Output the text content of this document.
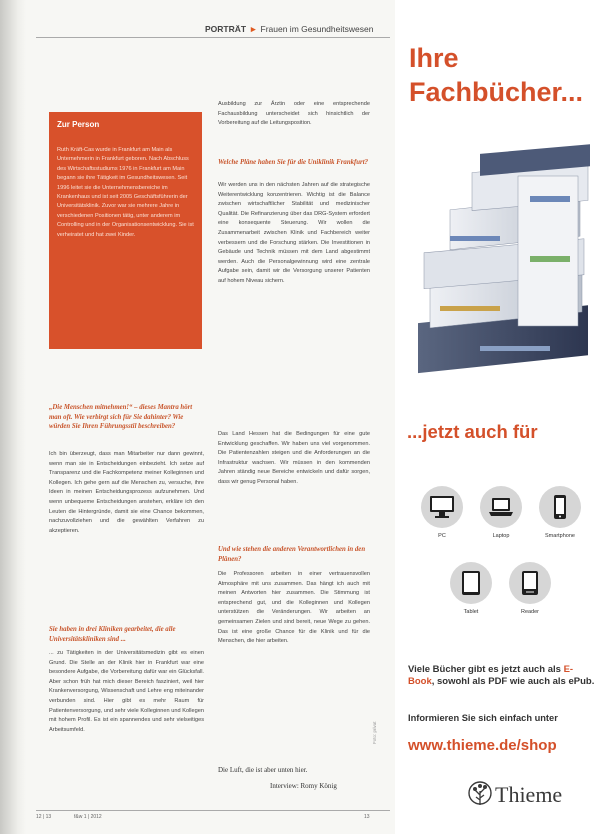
PORTRÄT ► Frauen im Gesundheitswesen
Zur Person
Ruth Kräft-Cas wurde in Frankfurt am Main als Unternehmerin in Frankfurt geboren. Nach Abschluss des Wirtschaftsstudiums 1976 in Frankfurt am Main begann sie ihre Tätigkeit im Gesundheitswesen. Seit 1996 leitet sie die Unternehmensbereiche im Krankenhaus und ist seit 2005 Geschäftsführerin der Universitätsklinik. Zuvor war sie mehrere Jahre in verschiedenen Positionen tätig, unter anderem im Controlling und in der Organisationsentwicklung. Sie ist verheiratet und hat zwei Kinder.
„Die Menschen mitnehmen!“ – dieses Mantra hört man oft. Wie verbirgt sich für Sie dahinter? Wie würden Sie Ihren Führungsstil beschreiben?
Ich bin überzeugt, dass man Mitarbeiter nur dann gewinnt, wenn man sie in Entscheidungen einbezieht. Ich setze auf Transparenz und die Fachkompetenz meiner Kolleginnen und Kollegen. Ich gehe gern auf die Menschen zu, versuche, ihre Ideen in meinen Entscheidungsprozess aufzunehmen. Und wenn unbequeme Entscheidungen anstehen, erkläre ich den Leuten die Hintergründe, damit sie eine Chance bekommen, nachzuvollziehen und die gewählten Verfahren zu akzeptieren.
Sie haben in drei Kliniken gearbeitet, die alle Universitätskliniken sind ...
... zu Tätigkeiten in der Universitätsmedizin gibt es einen Grund. Die Stelle an der Klinik hier in Frankfurt war eine besondere Aufgabe, die Vorbereitung dafür war ein Glücksfall. Aber schon früh hat mich dieser Bereich fasziniert, weil hier Krankenversorgung, Wissenschaft und Lehre eng miteinander verbunden sind. Hier gibt es mehr Raum für Patientenversorgung, und sehr viele Kolleginnen und Kollegen mit hohem Profil. Es ist ein spannendes und sehr vielseitiges Arbeitsumfeld.
Ausbildung zur Ärztin oder eine entsprechende Fachausbildung unterscheidet sich hinsichtlich der Vorbereitung auf die Leitungsposition.
Welche Pläne haben Sie für die Uniklinik Frankfurt?
Wir werden uns in den nächsten Jahren auf die strategische Weiterentwicklung konzentrieren. Wichtig ist die Balance zwischen wirtschaftlicher Stabilität und medizinischer Qualität. Die Refinanzierung über das DRG-System erfordert eine konsequente Steuerung. Wir wollen die Zusammenarbeit zwischen Klinik und Fachbereich weiter verbessern und die Forschung stärken. Die Investitionen in Gebäude und Technik müssen mit dem Land abgestimmt werden. Auch die Personalgewinnung wird eine zentrale Aufgabe sein, damit wir die Versorgung unserer Patienten auf hohem Niveau sichern.
Das Land Hessen hat die Bedingungen für eine gute Entwicklung geschaffen. Wir haben uns viel vorgenommen. Die Patientenzahlen steigen und die Anforderungen an die Infrastruktur wachsen. Wir müssen in den kommenden Jahren ständig neue Bereiche entwickeln und dafür sorgen, dass wir genug Personal haben.
Und wie stehen die anderen Verantwortlichen in den Plänen?
Die Professoren arbeiten in einer vertrauensvollen Atmosphäre mit uns zusammen. Das hängt ich auch mit meinen Antworten hier zusammen. Die Stimmung ist entsprechend gut, und die Kolleginnen und Kollegen unterstützen die Veränderungen. Wir arbeiten an gemeinsamen Zielen und sind bereit, neue Wege zu gehen. Das ist eine große Chance für die Klinik und für die Menschen, die hier arbeiten.
Die Luft, die ist aber unten hier.
Interview: Romy König
Foto: privat
12 | 13	f&w 1 | 2012	13
Ihre
Fachbücher...
...jetzt auch für
PC	Laptop	Smartphone
Tablet	Reader
Viele Bücher gibt es jetzt auch als E-Book, sowohl als PDF wie auch als ePub.
Informieren Sie sich einfach unter
www.thieme.de/shop
Thieme
